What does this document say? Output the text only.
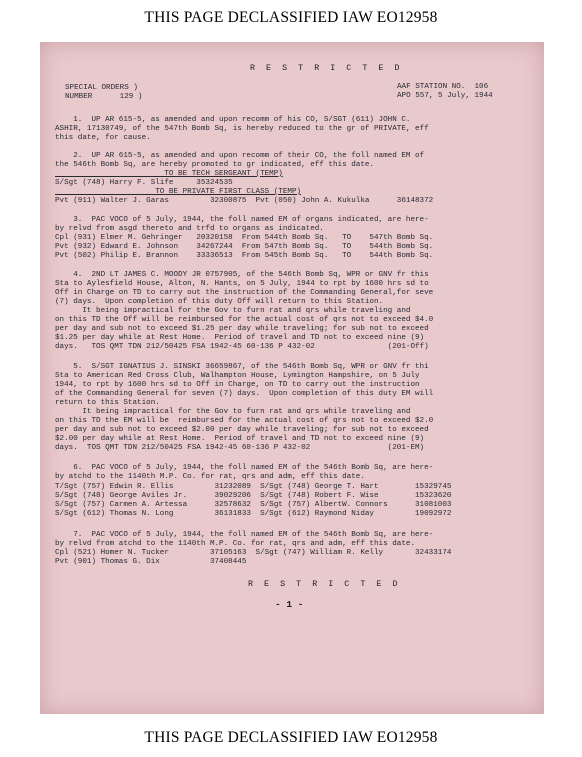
THIS PAGE DECLASSIFIED IAW EO12958
R E S T R I C T E D
SPECIAL ORDERS )
NUMBER      129 )
AAF STATION NO.  106
APO 557, 5 July, 1944
1.  UP AR 615-5, as amended and upon recomm of his CO, S/SGT (611) JOHN C.
ASHIR, 17130749, of the 547th Bomb Sq, is hereby reduced to the gr of PRIVATE, eff
this date, for cause.
2.  UP AR 615-5, as amended and upon recomm of their CO, the foll named EM of
the 546th Bomb Sq, are hereby promoted to gr indicated, eff this date.
TO BE TECH SERGEANT (TEMP)
S/Sgt (748) Harry F. Slife     35324535
TO BE PRIVATE FIRST CLASS (TEMP)
Pvt (911) Walter J. Garas         32300875  Pvt (050) John A. Kukulka      36148372
3.  PAC VOCO of 5 July, 1944, the foll named EM of organs indicated, are here-
by relvd from asgd thereto and trfd to organs as indicated.
Cpl (931) Elmer M. Gehringer   20320158  From 544th Bomb Sq.   TO    547th Bomb Sq.
Pvt (932) Edward E. Johnson    34267244  From 547th Bomb Sq.   TO    544th Bomb Sq.
Pvt (502) Philip E. Brannon    33336513  From 545th Bomb Sq.   TO    544th Bomb Sq.
4.  2ND LT JAMES C. MOODY JR 0757905, of the 546th Bomb Sq, WPR or GNV fr this
Sta to Aylesfield House, Alton, N. Hants, on 5 July, 1944 to rpt by 1600 hrs sd to
Off in Charge on TD to carry out the instruction of the Commanding General,for seve
(7) days.  Upon completion of this duty Off will return to this Station.
It being impractical for the Gov to furn rat and qrs while traveling and
on this TD the Off will be reimbursed for the actual cost of qrs not to exceed $4.0
per day and sub not to exceed $1.25 per day while traveling; for sub not to exceed
$1.25 per day while at Rest Home.  Period of travel and TD not to exceed nine (9)
days.   TOS QMT TDN 212/50425 FSA 1942-45 60-136 P 432-02                (201-Off)
5.  S/SGT IGNATIUS J. SINSKI 36659867, of the 546th Bomb Sq, WPR or GNV fr thi
Sta to American Red Cross Club, Walhampton House, Lymington Hampshire, on 5 July
1944, to rpt by 1600 hrs sd to Off in Charge, on TD to carry out the instruction
of the Commanding General for seven (7) days.  Upon completion of this duty EM will
return to this Station.
It being impractical for the Gov to furn rat and qrs while traveling and
on this TD the EM will be  reimbursed for the actual cost of qrs not to exceed $2.0
per day and sub not to exceed $2.00 per day while traveling; for sub not to exceed
$2.00 per day while at Rest Home.  Period of travel and TD not to exceed nine (9)
days.  TOS QMT TDN 212/50425 FSA 1942-45 60-136 P 432-02                 (201-EM)
6.  PAC VOCO of 5 July, 1944, the foll named EM of the 546th Bomb Sq, are here-
by atchd to the 1140th M.P. Co. for rat, qrs and adm, eff this date.
T/Sgt (757) Edwin R. Ellis         31232089  S/Sgt (748) George T. Hart        15329745
S/Sgt (748) George Aviles Jr.      39029206  S/Sgt (748) Robert F. Wise        15323620
S/Sgt (757) Carmen A. Artessa      32578632  S/Sgt (757) AlbertW. Connors      31081003
S/Sgt (612) Thomas N. Long         36131833  S/Sgt (612) Raymond Niday         19092972
7.  PAC VOCO of 5 July, 1944, the foll named EM of the 546th Bomb Sq, are here-
by relvd from atchd to the 1140th M.P. Co. for rat, qrs and adm, eff this date.
Cpl (521) Homer N. Tucker         37105163  S/Sgt (747) William R. Kelly       32433174
Pvt (901) Thomas G. Dix           37408445
R E S T R I C T E D
- 1 -
THIS PAGE DECLASSIFIED IAW EO12958
